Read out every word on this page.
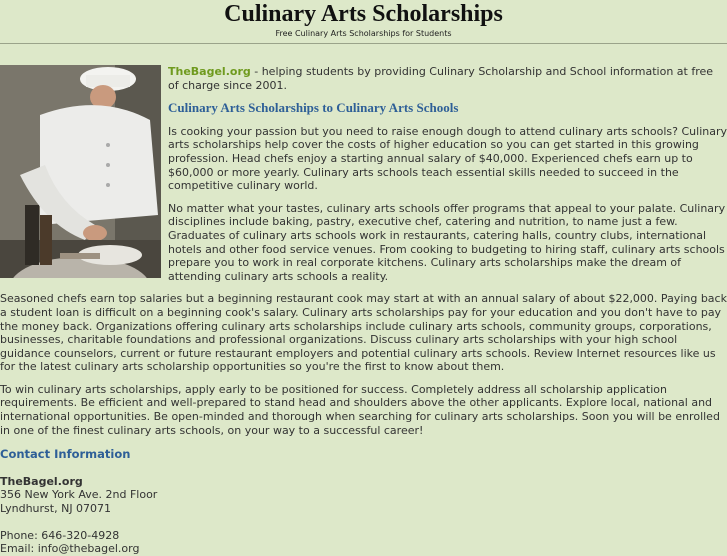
Culinary Arts Scholarships
Free Culinary Arts Scholarships for Students

TheBagel.org - helping students by providing Culinary Scholarship and School information at free of charge since 2001.

Culinary Arts Scholarships to Culinary Arts Schools

Is cooking your passion but you need to raise enough dough to attend culinary arts schools? Culinary arts scholarships help cover the costs of higher education so you can get started in this growing profession. Head chefs enjoy a starting annual salary of $40,000. Experienced chefs earn up to $60,000 or more yearly. Culinary arts schools teach essential skills needed to succeed in the competitive culinary world.

No matter what your tastes, culinary arts schools offer programs that appeal to your palate. Culinary disciplines include baking, pastry, executive chef, catering and nutrition, to name just a few. Graduates of culinary arts schools work in restaurants, catering halls, country clubs, international hotels and other food service venues. From cooking to budgeting to hiring staff, culinary arts schools prepare you to work in real corporate kitchens. Culinary arts scholarships make the dream of attending culinary arts schools a reality.

Seasoned chefs earn top salaries but a beginning restaurant cook may start at with an annual salary of about $22,000. Paying back a student loan is difficult on a beginning cook's salary. Culinary arts scholarships pay for your education and you don't have to pay the money back. Organizations offering culinary arts scholarships include culinary arts schools, community groups, corporations, businesses, charitable foundations and professional organizations. Discuss culinary arts scholarships with your high school guidance counselors, current or future restaurant employers and potential culinary arts schools. Review Internet resources like us for the latest culinary arts scholarship opportunities so you're the first to know about them.

To win culinary arts scholarships, apply early to be positioned for success. Completely address all scholarship application requirements. Be efficient and well-prepared to stand head and shoulders above the other applicants. Explore local, national and international opportunities. Be open-minded and thorough when searching for culinary arts scholarships. Soon you will be enrolled in one of the finest culinary arts schools, on your way to a successful career!

Contact Information

TheBagel.org

356 New York Ave. 2nd Floor

Lyndhurst, NJ 07071

Phone: 646-320-4928

Email: info@thebagel.org
